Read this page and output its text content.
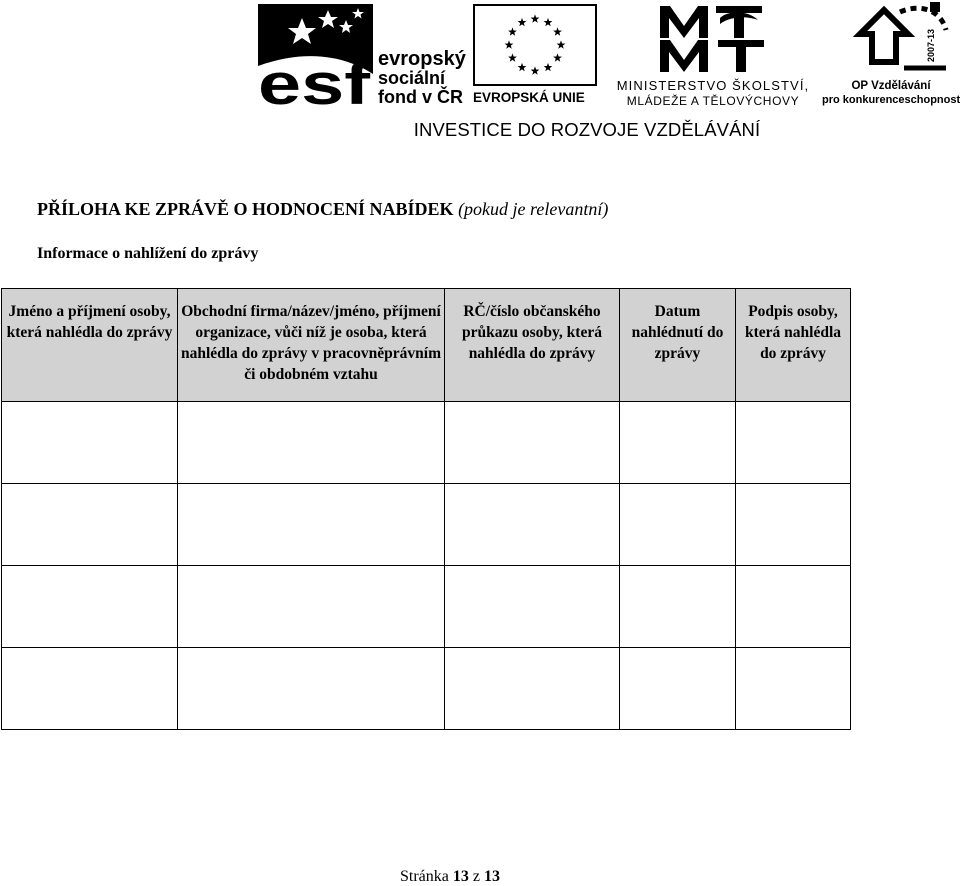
esf evropský
sociální
fond v ČR EVROPSKÁ UNIE
MINISTERSTVO ŠKOLSTVÍ,
MLÁDEŽE A TĚLOVÝCHOVY
2007-13
OP Vzdělávání
pro konkurenceschopnost
INVESTICE DO ROZVOJE VZDĚLÁVÁNÍ
PŘÍLOHA KE ZPRÁVĚ O HODNOCENÍ NABÍDEK (pokud je relevantní)
Informace o nahlížení do zprávy
Jméno a příjmení osoby, která nahlédla do zprávy	Obchodní firma/název/jméno, příjmení organizace, vůči níž je osoba, která nahlédla do zprávy v pracovněprávním či obdobném vztahu	RČ/číslo občanského průkazu osoby, která nahlédla do zprávy	Datum nahlédnutí do zprávy	Podpis osoby, která nahlédla do zprávy

Stránka 13 z 13
